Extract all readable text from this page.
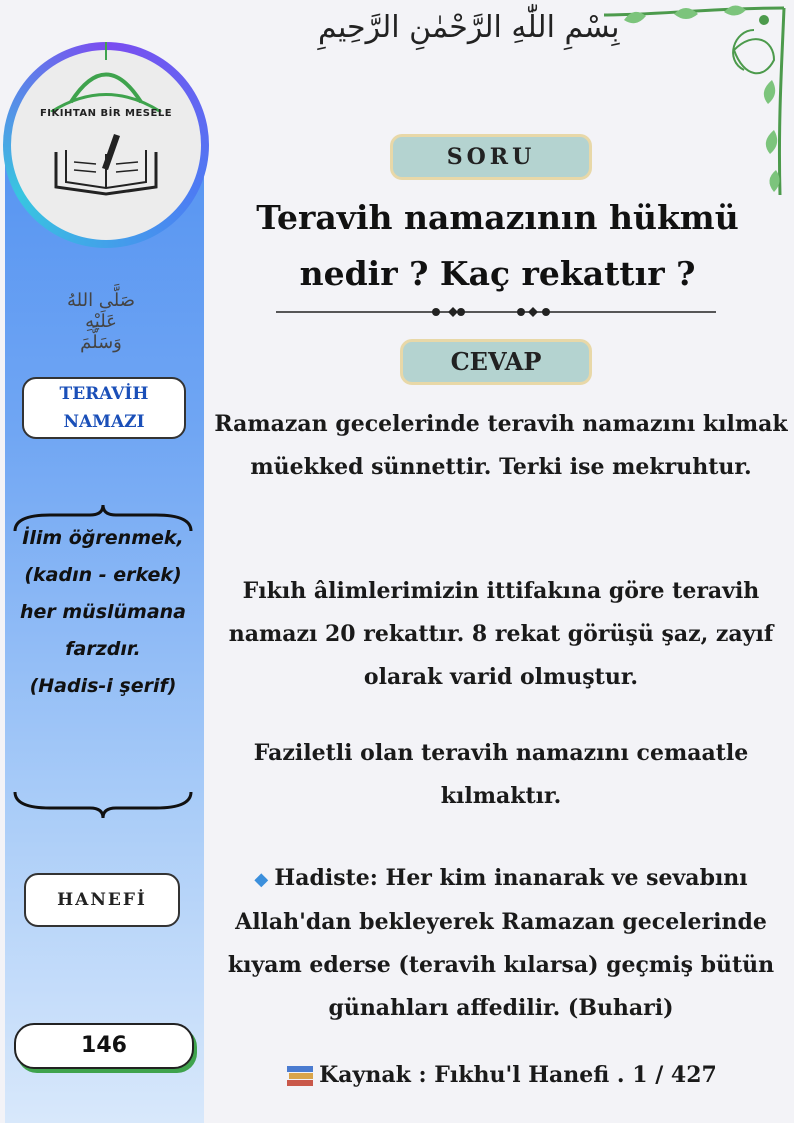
بِسْمِ اللّٰهِ الرَّحْمٰنِ الرَّحِيمِ
FIKIHTAN BİR MESELE
صَلَّى اللهُ عَلَيْهِ وَسَلَّمَ
TERAVİH
NAMAZI
İlim öğrenmek,
(kadın - erkek)
her müslümana
farzdır.
(Hadis-i şerif)
HANEFİ
146
SORU
Teravih namazının hükmü
nedir ? Kaç rekattır ?
CEVAP
Ramazan gecelerinde teravih namazını kılmak müekked sünnettir. Terki ise mekruhtur.
Fıkıh âlimlerimizin ittifakına göre teravih namazı 20 rekattır. 8 rekat görüşü şaz, zayıf olarak varid olmuştur.
Faziletli olan teravih namazını cemaatle kılmaktır.
◆ Hadiste: Her kim inanarak ve sevabını Allah'dan bekleyerek Ramazan gecelerinde kıyam ederse (teravih kılarsa) geçmiş bütün günahları affedilir. (Buhari)
Kaynak : Fıkhu'l Hanefi . 1 / 427
